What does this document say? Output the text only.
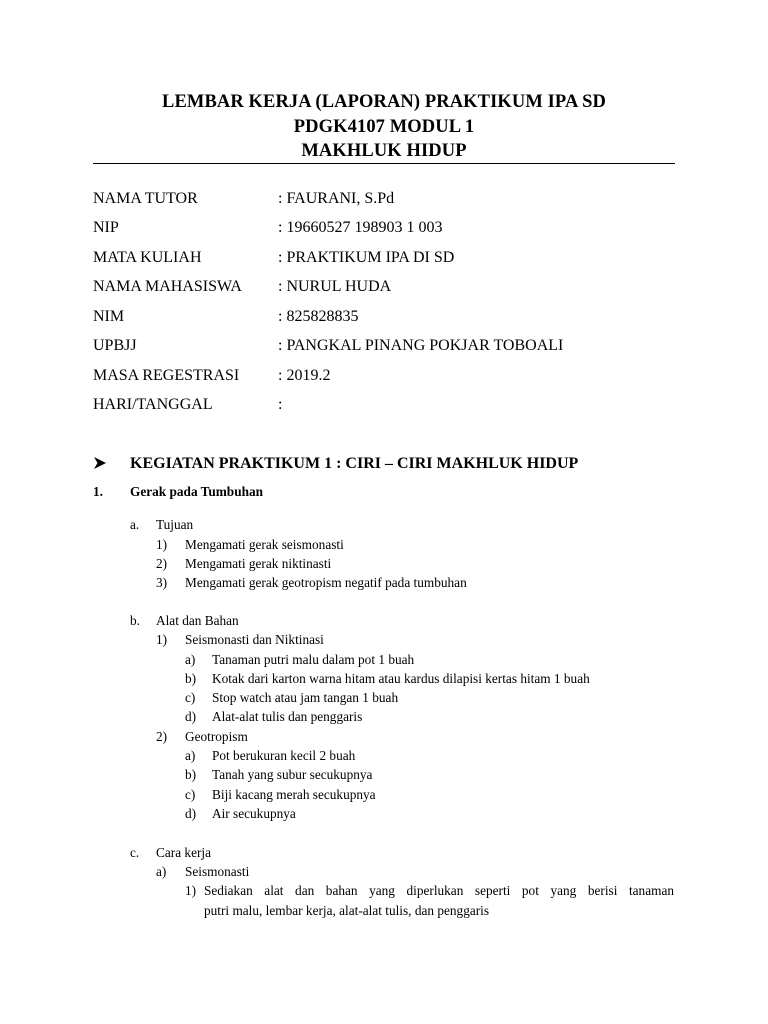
LEMBAR KERJA (LAPORAN) PRAKTIKUM IPA SD
PDGK4107 MODUL 1
MAKHLUK HIDUP
NAMA TUTOR	: FAURANI, S.Pd
NIP	: 19660527 198903 1 003
MATA KULIAH	: PRAKTIKUM IPA DI SD
NAMA MAHASISWA : NURUL HUDA
NIM	: 825828835
UPBJJ	: PANGKAL PINANG POKJAR TOBOALI
MASA REGESTRASI : 2019.2
HARI/TANGGAL	:
KEGIATAN PRAKTIKUM 1 : CIRI – CIRI MAKHLUK HIDUP
1. Gerak pada Tumbuhan
a. Tujuan
1) Mengamati gerak seismonasti
2) Mengamati gerak niktinasti
3) Mengamati gerak geotropism negatif pada tumbuhan
b. Alat dan Bahan
1) Seismonasti dan Niktinasi
a) Tanaman putri malu dalam pot 1 buah
b) Kotak dari karton warna hitam atau kardus dilapisi kertas hitam 1 buah
c) Stop watch atau jam tangan 1 buah
d) Alat-alat tulis dan penggaris
2) Geotropism
a) Pot berukuran kecil 2 buah
b) Tanah yang subur secukupnya
c) Biji kacang merah secukupnya
d) Air secukupnya
c. Cara kerja
a) Seismonasti
1) Sediakan alat dan bahan yang diperlukan seperti pot yang berisi tanaman
putri malu, lembar kerja, alat-alat tulis, dan penggaris
